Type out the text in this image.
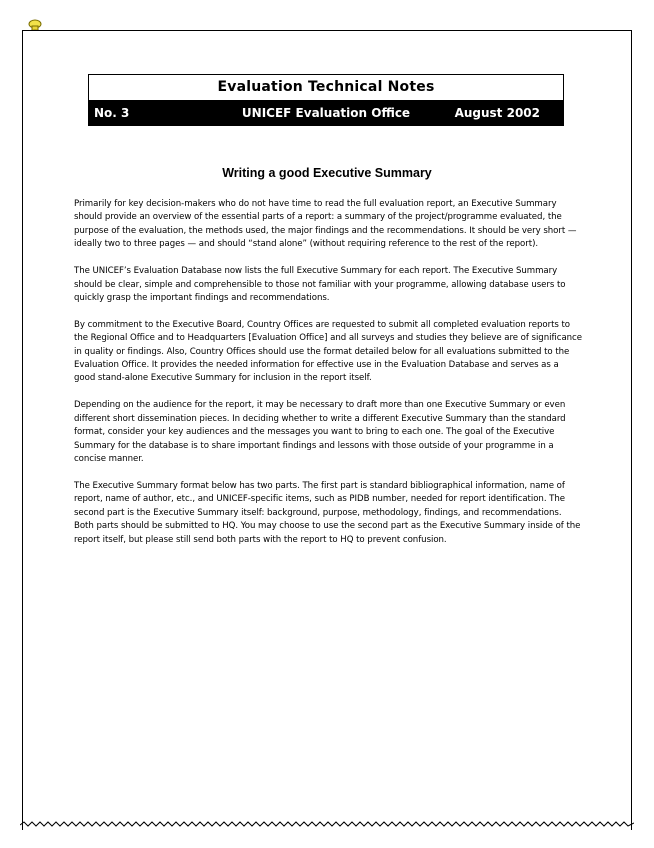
Evaluation Technical Notes
No. 3	UNICEF Evaluation Office	August 2002
Writing a good Executive Summary

Primarily for key decision-makers who do not have time to read the full evaluation report, an Executive Summary should provide an overview of the essential parts of a report: a summary of the project/programme evaluated, the purpose of the evaluation, the methods used, the major findings and the recommendations. It should be very short — ideally two to three pages — and should “stand alone” (without requiring reference to the rest of the report).

The UNICEF’s Evaluation Database now lists the full Executive Summary for each report. The Executive Summary should be clear, simple and comprehensible to those not familiar with your programme, allowing database users to quickly grasp the important findings and recommendations.

By commitment to the Executive Board, Country Offices are requested to submit all completed evaluation reports to the Regional Office and to Headquarters [Evaluation Office] and all surveys and studies they believe are of significance in quality or findings. Also, Country Offices should use the format detailed below for all evaluations submitted to the Evaluation Office. It provides the needed information for effective use in the Evaluation Database and serves as a good stand-alone Executive Summary for inclusion in the report itself.

Depending on the audience for the report, it may be necessary to draft more than one Executive Summary or even different short dissemination pieces. In deciding whether to write a different Executive Summary than the standard format, consider your key audiences and the messages you want to bring to each one. The goal of the Executive Summary for the database is to share important findings and lessons with those outside of your programme in a concise manner.

The Executive Summary format below has two parts. The first part is standard bibliographical information, name of report, name of author, etc., and UNICEF-specific items, such as PIDB number, needed for report identification. The second part is the Executive Summary itself: background, purpose, methodology, findings, and recommendations. Both parts should be submitted to HQ. You may choose to use the second part as the Executive Summary inside of the report itself, but please still send both parts with the report to HQ to prevent confusion.
